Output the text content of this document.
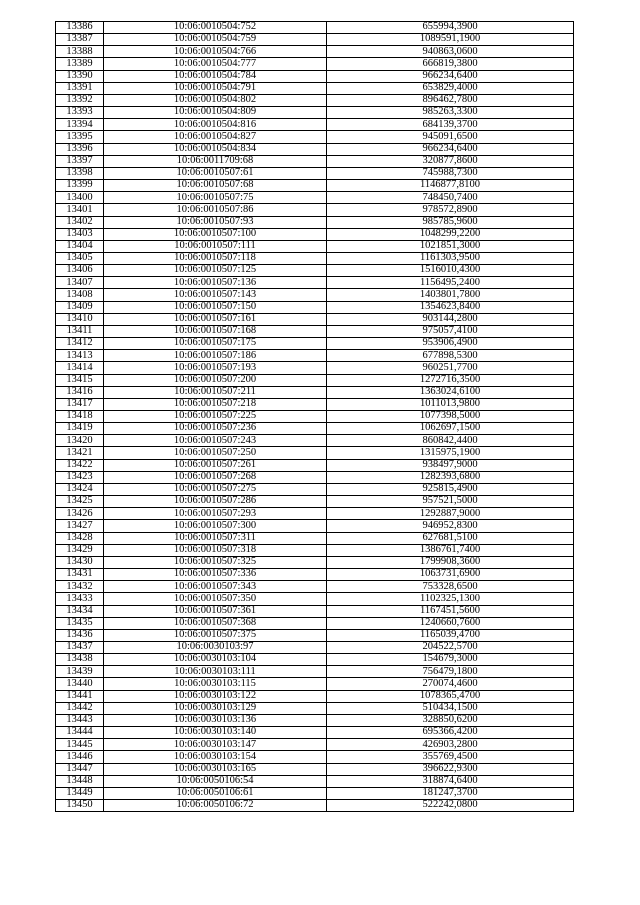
13386	10:06:0010504:752	655994,3900
13387	10:06:0010504:759	1089591,1900
13388	10:06:0010504:766	940863,0600
13389	10:06:0010504:777	666819,3800
13390	10:06:0010504:784	966234,6400
13391	10:06:0010504:791	653829,4000
13392	10:06:0010504:802	896462,7800
13393	10:06:0010504:809	985263,3300
13394	10:06:0010504:816	684139,3700
13395	10:06:0010504:827	945091,6500
13396	10:06:0010504:834	966234,6400
13397	10:06:0011709:68	320877,8600
13398	10:06:0010507:61	745988,7300
13399	10:06:0010507:68	1146877,8100
13400	10:06:0010507:75	748450,7400
13401	10:06:0010507:86	978572,8900
13402	10:06:0010507:93	985785,9600
13403	10:06:0010507:100	1048299,2200
13404	10:06:0010507:111	1021851,3000
13405	10:06:0010507:118	1161303,9500
13406	10:06:0010507:125	1516010,4300
13407	10:06:0010507:136	1156495,2400
13408	10:06:0010507:143	1403801,7800
13409	10:06:0010507:150	1354623,8400
13410	10:06:0010507:161	903144,2800
13411	10:06:0010507:168	975057,4100
13412	10:06:0010507:175	953906,4900
13413	10:06:0010507:186	677898,5300
13414	10:06:0010507:193	960251,7700
13415	10:06:0010507:200	1272716,3500
13416	10:06:0010507:211	1363024,6100
13417	10:06:0010507:218	1011013,9800
13418	10:06:0010507:225	1077398,5000
13419	10:06:0010507:236	1062697,1500
13420	10:06:0010507:243	860842,4400
13421	10:06:0010507:250	1315975,1900
13422	10:06:0010507:261	938497,9000
13423	10:06:0010507:268	1282393,6800
13424	10:06:0010507:275	925815,4900
13425	10:06:0010507:286	957521,5000
13426	10:06:0010507:293	1292887,9000
13427	10:06:0010507:300	946952,8300
13428	10:06:0010507:311	627681,5100
13429	10:06:0010507:318	1386761,7400
13430	10:06:0010507:325	1799908,3600
13431	10:06:0010507:336	1063731,6900
13432	10:06:0010507:343	753328,6500
13433	10:06:0010507:350	1102325,1300
13434	10:06:0010507:361	1167451,5600
13435	10:06:0010507:368	1240660,7600
13436	10:06:0010507:375	1165039,4700
13437	10:06:0030103:97	204522,5700
13438	10:06:0030103:104	154679,3000
13439	10:06:0030103:111	756479,1800
13440	10:06:0030103:115	270074,4600
13441	10:06:0030103:122	1078365,4700
13442	10:06:0030103:129	510434,1500
13443	10:06:0030103:136	328850,6200
13444	10:06:0030103:140	695366,4200
13445	10:06:0030103:147	426903,2800
13446	10:06:0030103:154	355769,4500
13447	10:06:0030103:165	396622,9300
13448	10:06:0050106:54	318874,6400
13449	10:06:0050106:61	181247,3700
13450	10:06:0050106:72	522242,0800
